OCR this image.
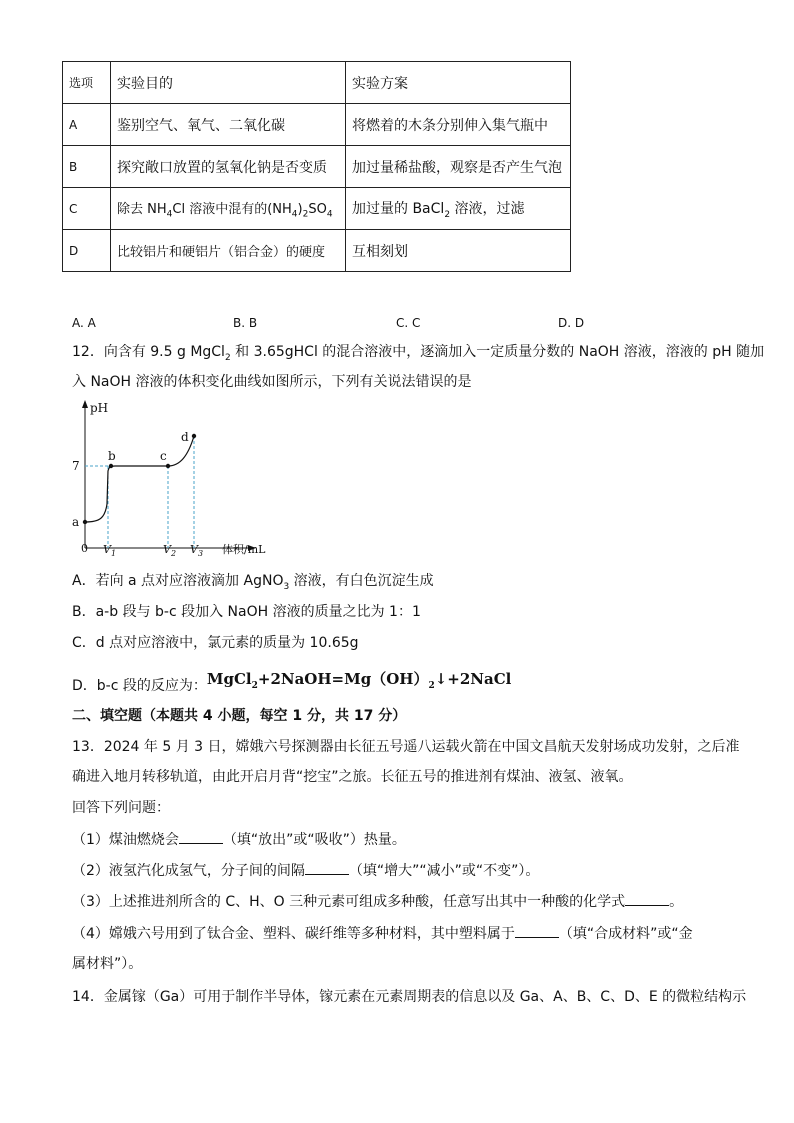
选项	实验目的	实验方案
A	鉴别空气、氧气、二氧化碳	将燃着的木条分别伸入集气瓶中
B	探究敞口放置的氢氧化钠是否变质	加过量稀盐酸，观察是否产生气泡
C	除去 $NH_4Cl$ 溶液中混有的$(NH_4)_2SO_4$	加过量的 BaCl$_2$ 溶液，过滤
D	比较铝片和硬铝片（铝合金）的硬度	互相刻划
A. A	B. B	C. C	D. D
12．向含有 9.5 g MgCl$_2$ 和 3.65gHCl 的混合溶液中，逐滴加入一定质量分数的 NaOH 溶液，溶液的 pH 随加
入 NaOH 溶液的体积变化曲线如图所示，下列有关说法错误的是
pH
体积/mL
0
7
a
b	c
d
$V_1$	$V_2$ $V_3$
A．若向 a 点对应溶液滴加 AgNO$_3$ 溶液，有白色沉淀生成
B．a-b 段与 b-c 段加入 NaOH 溶液的质量之比为 1：1
C．d 点对应溶液中，氯元素的质量为 10.65g
D．b-c 段的反应为：$MgCl_2+2NaOH=Mg(OH)_2↓+2NaCl$
二、填空题（本题共 4 小题，每空 1 分，共 17 分）
13．2024 年 5 月 3 日，嫦娥六号探测器由长征五号遥八运载火箭在中国文昌航天发射场成功发射，之后准
确进入地月转移轨道，由此开启月背“挖宝”之旅。长征五号的推进剂有煤油、液氢、液氧。
回答下列问题：
（1）煤油燃烧会	（填“放出”或“吸收”）热量。
（2）液氢汽化成氢气，分子间的间隔	（填“增大”“减小”或“不变”）。
（3）上述推进剂所含的 C、H、O 三种元素可组成多种酸，任意写出其中一种酸的化学式	。
（4）嫦娥六号用到了钛合金、塑料、碳纤维等多种材料，其中塑料属于	（填“合成材料”或“金
属材料”）。
14．金属镓（Ga）可用于制作半导体，镓元素在元素周期表的信息以及 Ga、A、B、C、D、E 的微粒结构示
